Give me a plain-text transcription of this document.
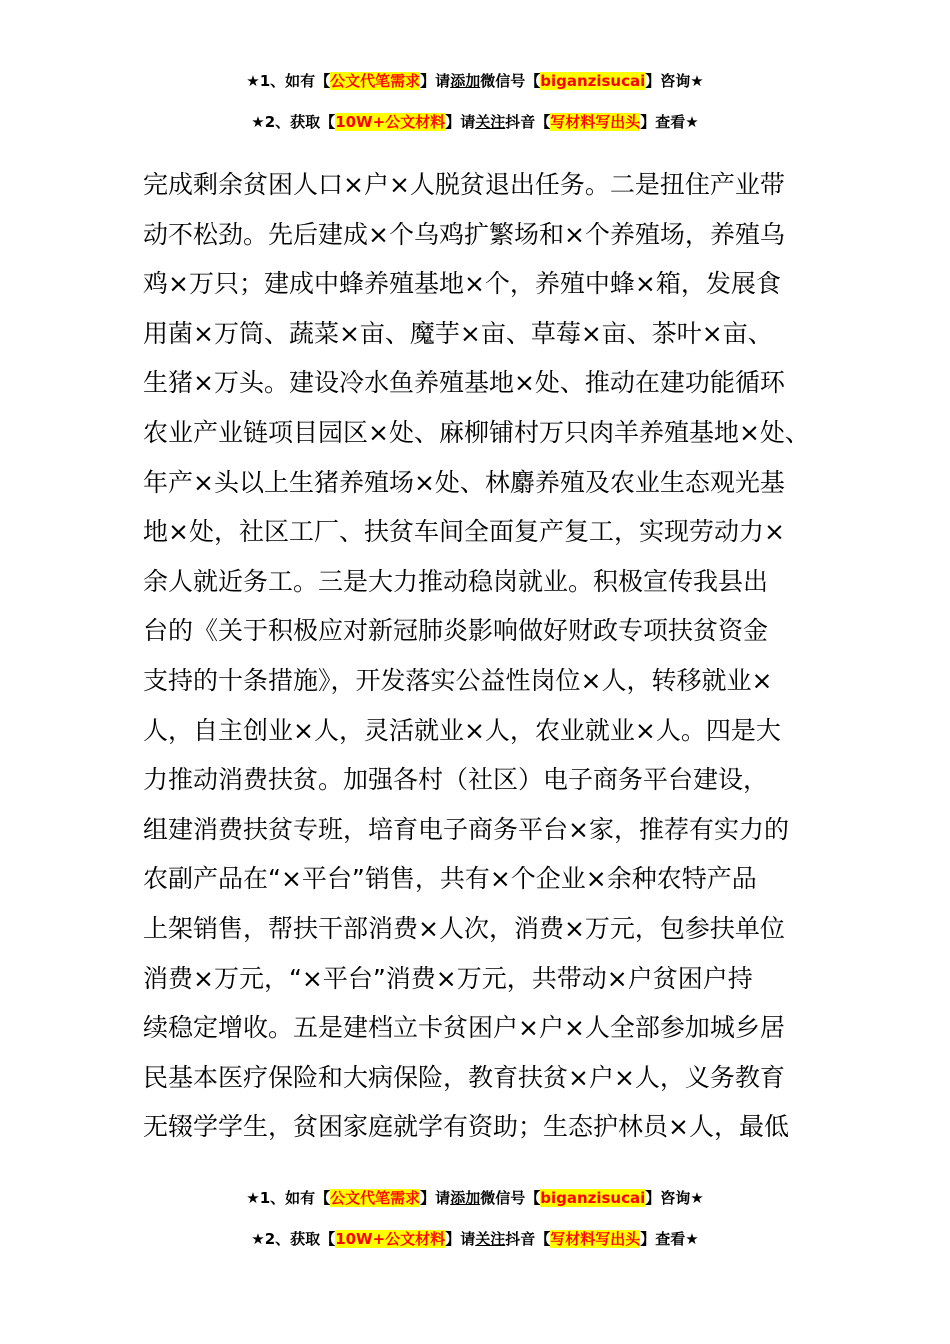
★1、如有【公文代笔需求】请添加微信号【biganzisucai】咨询★
★2、获取【10W+公文材料】请关注抖音【写材料写出头】查看★
完成剩余贫困人口×户×人脱贫退出任务。二是扭住产业带
动不松劲。先后建成×个乌鸡扩繁场和×个养殖场，养殖乌
鸡×万只；建成中蜂养殖基地×个，养殖中蜂×箱，发展食
用菌×万筒、蔬菜×亩、魔芋×亩、草莓×亩、茶叶×亩、
生猪×万头。建设冷水鱼养殖基地×处、推动在建功能循环
农业产业链项目园区×处、麻柳铺村万只肉羊养殖基地×处、
年产×头以上生猪养殖场×处、林麝养殖及农业生态观光基
地×处，社区工厂、扶贫车间全面复产复工，实现劳动力×
余人就近务工。三是大力推动稳岗就业。积极宣传我县出
台的《关于积极应对新冠肺炎影响做好财政专项扶贫资金
支持的十条措施》，开发落实公益性岗位×人，转移就业×
人，自主创业×人，灵活就业×人，农业就业×人。四是大
力推动消费扶贫。加强各村（社区）电子商务平台建设，
组建消费扶贫专班，培育电子商务平台×家，推荐有实力的
农副产品在“×平台”销售，共有×个企业×余种农特产品
上架销售，帮扶干部消费×人次，消费×万元，包参扶单位
消费×万元，“×平台”消费×万元，共带动×户贫困户持
续稳定增收。五是建档立卡贫困户×户×人全部参加城乡居
民基本医疗保险和大病保险，教育扶贫×户×人，义务教育
无辍学学生，贫困家庭就学有资助；生态护林员×人，最低
★1、如有【公文代笔需求】请添加微信号【biganzisucai】咨询★
★2、获取【10W+公文材料】请关注抖音【写材料写出头】查看★
